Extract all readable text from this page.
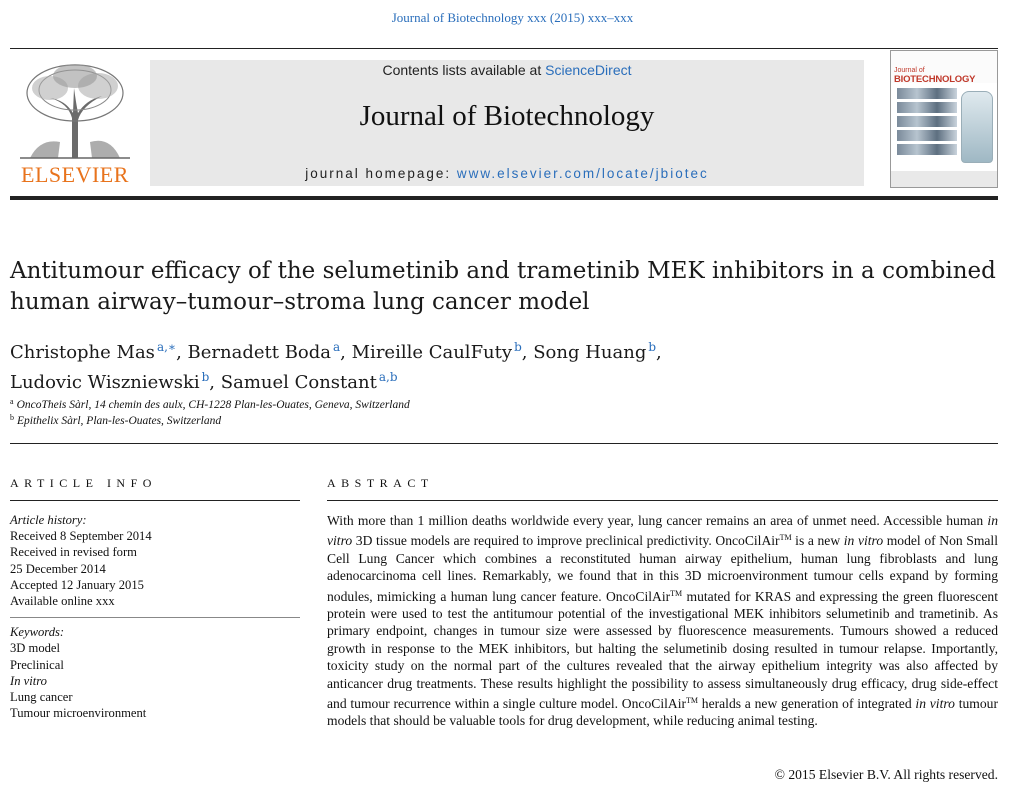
Journal of Biotechnology xxx (2015) xxx–xxx
ELSEVIER
Contents lists available at ScienceDirect
Journal of Biotechnology
journal homepage: www.elsevier.com/locate/jbiotec
Journal of
BIOTECHNOLOGY
Antitumour efficacy of the selumetinib and trametinib MEK inhibitors in a combined human airway–tumour–stroma lung cancer model
Christophe Mas $^{a,∗}$, Bernadett Boda $^a$, Mireille CaulFuty $^b$, Song Huang $^b$,
Ludovic Wiszniewski $^b$, Samuel Constant $^{a,b}$
$^a$ OncoTheis Sàrl, 14 chemin des aulx, CH-1228 Plan-les-Ouates, Geneva, Switzerland
$^b$ Epithelix Sàrl, Plan-les-Ouates, Switzerland
ARTICLE INFO	ABSTRACT
Article history:
Received 8 September 2014
Received in revised form
25 December 2014
Accepted 12 January 2015
Available online xxx
Keywords:
3D model
Preclinical
In vitro
Lung cancer
Tumour microenvironment
With more than 1 million deaths worldwide every year, lung cancer remains an area of unmet need. Accessible human in vitro 3D tissue models are required to improve preclinical predictivity. OncoCilAir™ is a new in vitro model of Non Small Cell Lung Cancer which combines a reconstituted human airway epithelium, human lung fibroblasts and lung adenocarcinoma cell lines. Remarkably, we found that in this 3D microenvironment tumour cells expand by forming nodules, mimicking a human lung cancer feature. OncoCilAir™ mutated for KRAS and expressing the green fluorescent protein were used to test the antitumour potential of the investigational MEK inhibitors selumetinib and trametinib. As primary endpoint, changes in tumour size were assessed by fluorescence measurements. Tumours showed a reduced growth in response to the MEK inhibitors, but halting the selumetinib dosing resulted in tumour relapse. Importantly, toxicity study on the normal part of the cultures revealed that the airway epithelium integrity was also affected by anticancer drug treatments. These results highlight the possibility to assess simultaneously drug efficacy, drug side-effect and tumour recurrence within a single culture model. OncoCilAir™ heralds a new generation of integrated in vitro tumour models that should be valuable tools for drug development, while reducing animal testing.
© 2015 Elsevier B.V. All rights reserved.
